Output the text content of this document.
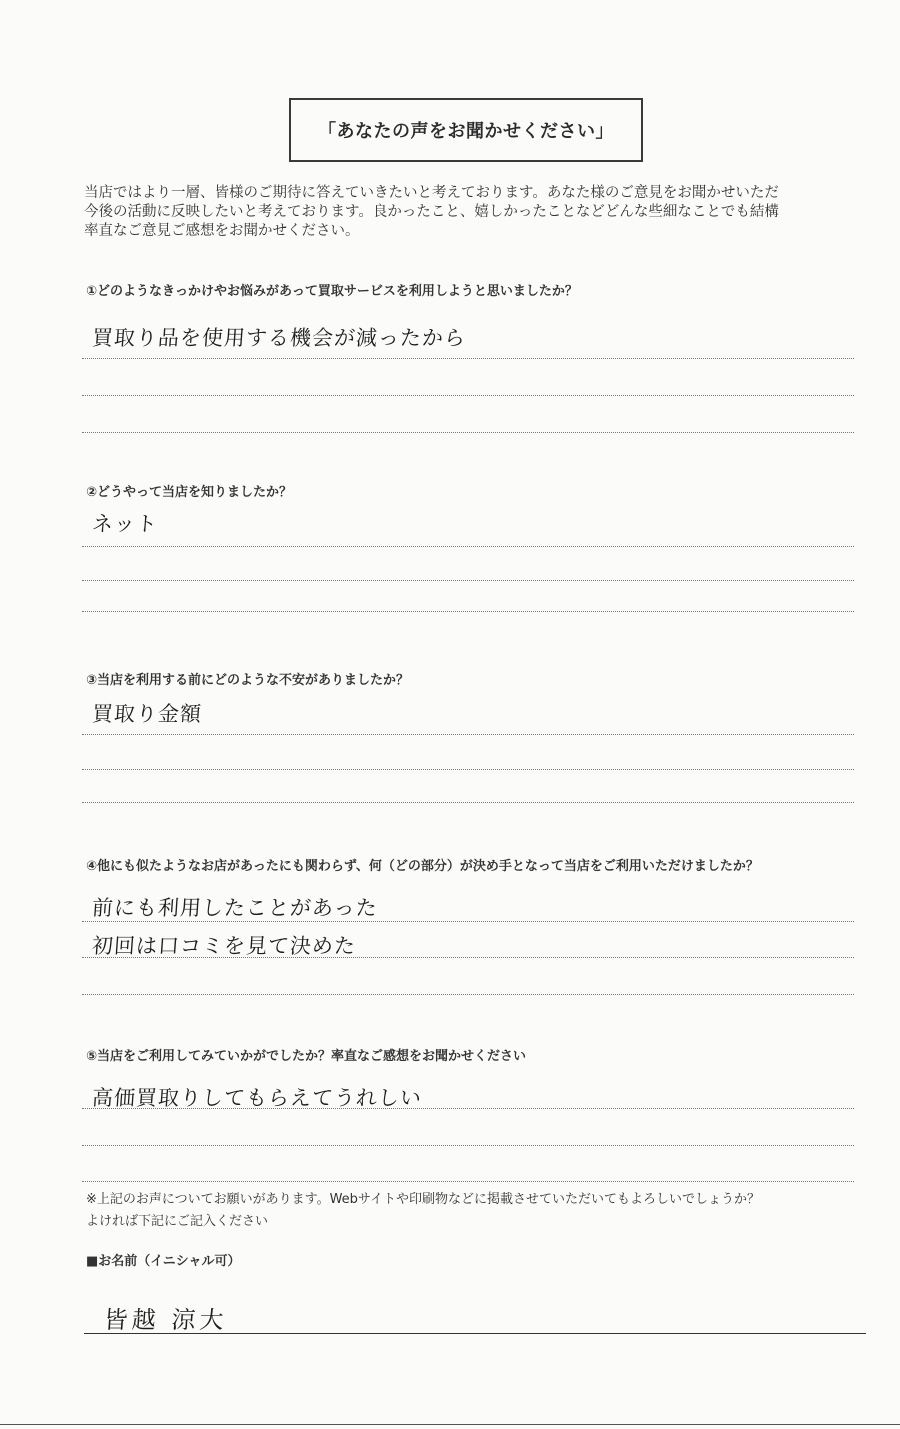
「あなたの声をお聞かせください」
当店ではより一層、皆様のご期待に答えていきたいと考えております。あなた様のご意見をお聞かせいただ
今後の活動に反映したいと考えております。良かったこと、嬉しかったことなどどんな些細なことでも結構
率直なご意見ご感想をお聞かせください。
①どのようなきっかけやお悩みがあって買取サービスを利用しようと思いましたか？
買取り品を使用する機会が減ったから
②どうやって当店を知りましたか？
ネット
③当店を利用する前にどのような不安がありましたか？
買取り金額
④他にも似たようなお店があったにも関わらず、何（どの部分）が決め手となって当店をご利用いただけましたか？
前にも利用したことがあった
初回は口コミを見て決めた
⑤当店をご利用してみていかがでしたか？率直なご感想をお聞かせください
高価買取りしてもらえてうれしい
※上記のお声についてお願いがあります。Webサイトや印刷物などに掲載させていただいてもよろしいでしょうか？
よければ下記にご記入ください
■お名前（イニシャル可）
皆越 涼大
